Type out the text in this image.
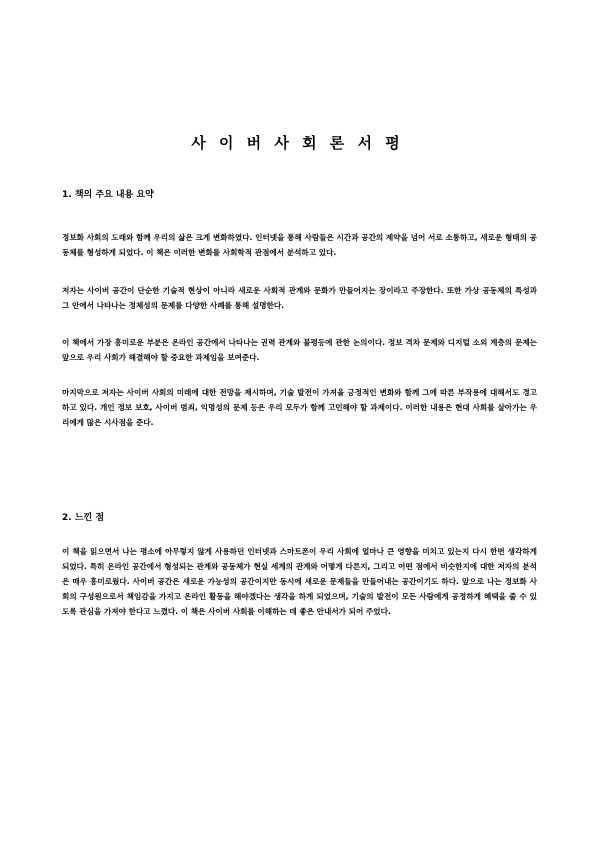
사 이 버 사 회 론 서 평
1. 책의 주요 내용 요약
정보화 사회의 도래와 함께 우리의 삶은 크게 변화하였다. 인터넷을 통해 사람들은 시간과 공간의 제약을 넘어 서로 소통하고, 새로운 형태의 공동체를 형성하게 되었다. 이 책은 이러한 변화를 사회학적 관점에서 분석하고 있다.
저자는 사이버 공간이 단순한 기술적 현상이 아니라 새로운 사회적 관계와 문화가 만들어지는 장이라고 주장한다. 또한 가상 공동체의 특성과 그 안에서 나타나는 정체성의 문제를 다양한 사례를 통해 설명한다.
이 책에서 가장 흥미로운 부분은 온라인 공간에서 나타나는 권력 관계와 불평등에 관한 논의이다. 정보 격차 문제와 디지털 소외 계층의 문제는 앞으로 우리 사회가 해결해야 할 중요한 과제임을 보여준다.
마지막으로 저자는 사이버 사회의 미래에 대한 전망을 제시하며, 기술 발전이 가져올 긍정적인 변화와 함께 그에 따른 부작용에 대해서도 경고하고 있다. 개인 정보 보호, 사이버 범죄, 익명성의 문제 등은 우리 모두가 함께 고민해야 할 과제이다. 이러한 내용은 현대 사회를 살아가는 우리에게 많은 시사점을 준다.
2. 느낀 점
이 책을 읽으면서 나는 평소에 아무렇지 않게 사용하던 인터넷과 스마트폰이 우리 사회에 얼마나 큰 영향을 미치고 있는지 다시 한번 생각하게 되었다. 특히 온라인 공간에서 형성되는 관계와 공동체가 현실 세계의 관계와 어떻게 다른지, 그리고 어떤 점에서 비슷한지에 대한 저자의 분석은 매우 흥미로웠다. 사이버 공간은 새로운 가능성의 공간이지만 동시에 새로운 문제들을 만들어내는 공간이기도 하다. 앞으로 나는 정보화 사회의 구성원으로서 책임감을 가지고 온라인 활동을 해야겠다는 생각을 하게 되었으며, 기술의 발전이 모든 사람에게 공정하게 혜택을 줄 수 있도록 관심을 가져야 한다고 느꼈다. 이 책은 사이버 사회를 이해하는 데 좋은 안내서가 되어 주었다.
